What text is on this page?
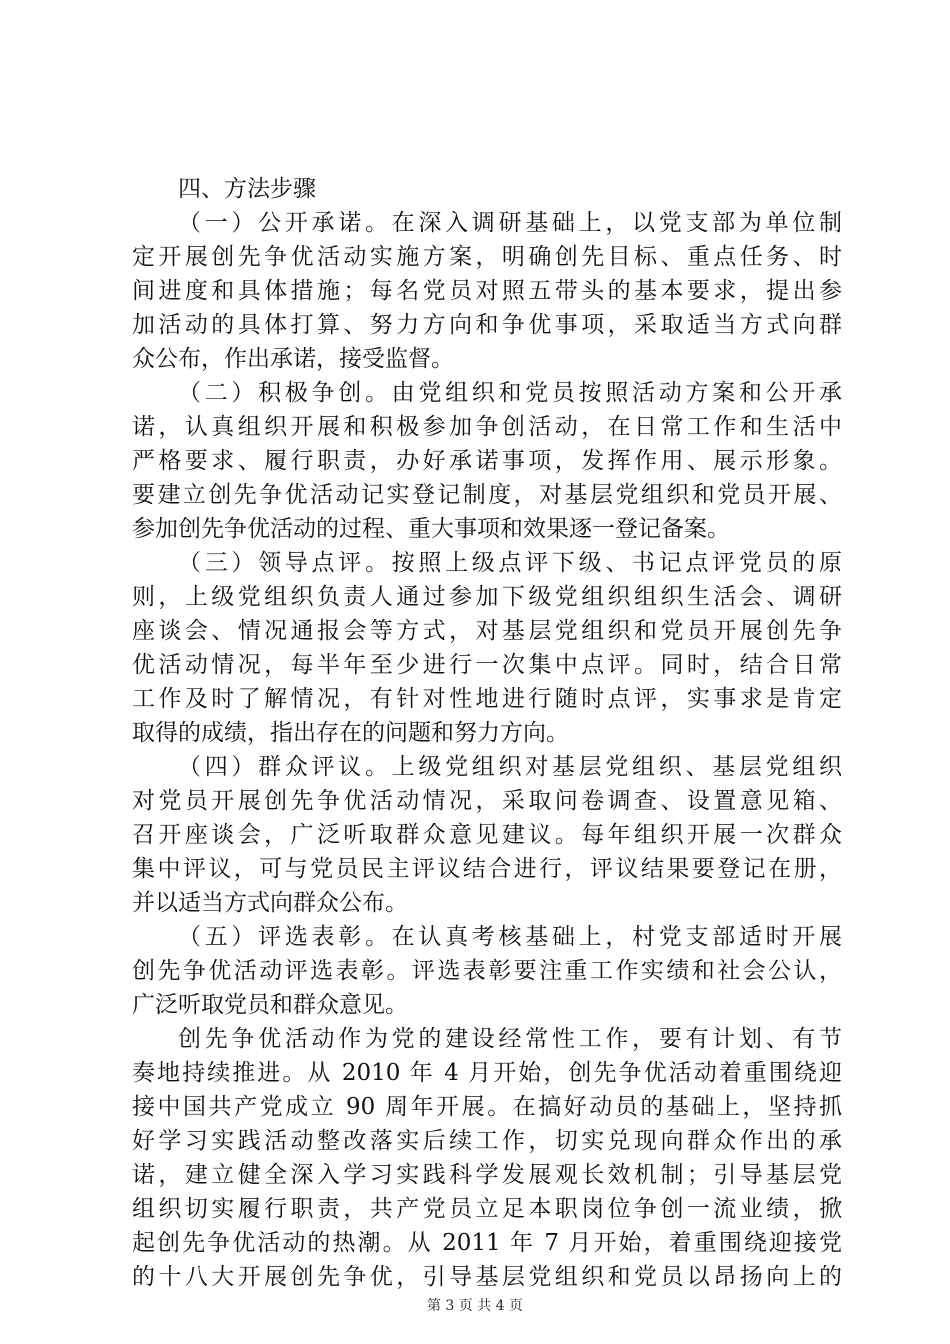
四、方法步骤

（一）公开承诺。在深入调研基础上，以党支部为单位制
定开展创先争优活动实施方案，明确创先目标、重点任务、时
间进度和具体措施；每名党员对照五带头的基本要求，提出参
加活动的具体打算、努力方向和争优事项，采取适当方式向群
众公布，作出承诺，接受监督。

（二）积极争创。由党组织和党员按照活动方案和公开承
诺，认真组织开展和积极参加争创活动，在日常工作和生活中
严格要求、履行职责，办好承诺事项，发挥作用、展示形象。
要建立创先争优活动记实登记制度，对基层党组织和党员开展、
参加创先争优活动的过程、重大事项和效果逐一登记备案。

（三）领导点评。按照上级点评下级、书记点评党员的原
则，上级党组织负责人通过参加下级党组织组织生活会、调研
座谈会、情况通报会等方式，对基层党组织和党员开展创先争
优活动情况，每半年至少进行一次集中点评。同时，结合日常
工作及时了解情况，有针对性地进行随时点评，实事求是肯定
取得的成绩，指出存在的问题和努力方向。

（四）群众评议。上级党组织对基层党组织、基层党组织
对党员开展创先争优活动情况，采取问卷调查、设置意见箱、
召开座谈会，广泛听取群众意见建议。每年组织开展一次群众
集中评议，可与党员民主评议结合进行，评议结果要登记在册，
并以适当方式向群众公布。

（五）评选表彰。在认真考核基础上，村党支部适时开展
创先争优活动评选表彰。评选表彰要注重工作实绩和社会公认，
广泛听取党员和群众意见。

创先争优活动作为党的建设经常性工作，要有计划、有节
奏地持续推进。从 2010 年 4 月开始，创先争优活动着重围绕迎
接中国共产党成立 90 周年开展。在搞好动员的基础上，坚持抓
好学习实践活动整改落实后续工作，切实兑现向群众作出的承
诺，建立健全深入学习实践科学发展观长效机制；引导基层党
组织切实履行职责，共产党员立足本职岗位争创一流业绩，掀
起创先争优活动的热潮。从 2011 年 7 月开始，着重围绕迎接党
的十八大开展创先争优，引导基层党组织和党员以昂扬向上的

第 3 页 共 4 页
